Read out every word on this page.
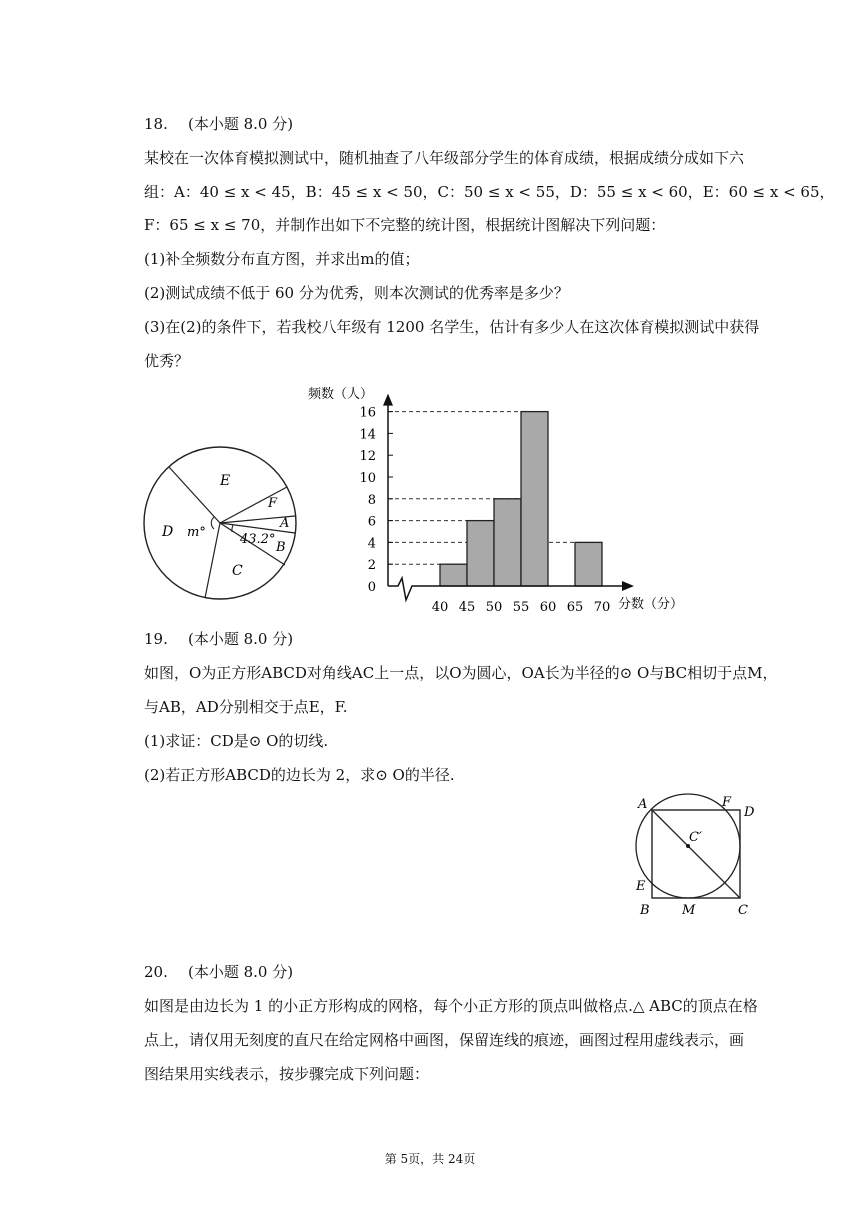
18. (本小题 8.0 分)
某校在一次体育模拟测试中，随机抽查了八年级部分学生的体育成绩，根据成绩分成如下六
组：A：40 ≤ x < 45，B：45 ≤ x < 50，C：50 ≤ x < 55，D：55 ≤ x < 60，E：60 ≤ x < 65，
F：65 ≤ x ≤ 70，并制作出如下不完整的统计图，根据统计图解决下列问题：
(1)补全频数分布直方图，并求出m的值；
(2)测试成绩不低于 60 分为优秀，则本次测试的优秀率是多少？
(3)在(2)的条件下，若我校八年级有 1200 名学生，估计有多少人在这次体育模拟测试中获得
优秀？
E
F
A
B
C
D m°	43.2°
频数（人）
分数（分）
0
2
4
6
8
10
12
14
16
40 45 50 55 60 65 70
19. (本小题 8.0 分)
如图，O为正方形ABCD对角线AC上一点，以O为圆心，OA长为半径的⊙ O与BC相切于点M，
与AB，AD分别相交于点E，F.
(1)求证：CD是⊙ O的切线.
(2)若正方形ABCD的边长为 2，求⊙ O的半径.
A	F
D
C′
E
B M	C
20. (本小题 8.0 分)
如图是由边长为 1 的小正方形构成的网格，每个小正方形的顶点叫做格点.△ ABC的顶点在格
点上，请仅用无刻度的直尺在给定网格中画图，保留连线的痕迹，画图过程用虚线表示，画
图结果用实线表示，按步骤完成下列问题：
第 5页，共 24页
